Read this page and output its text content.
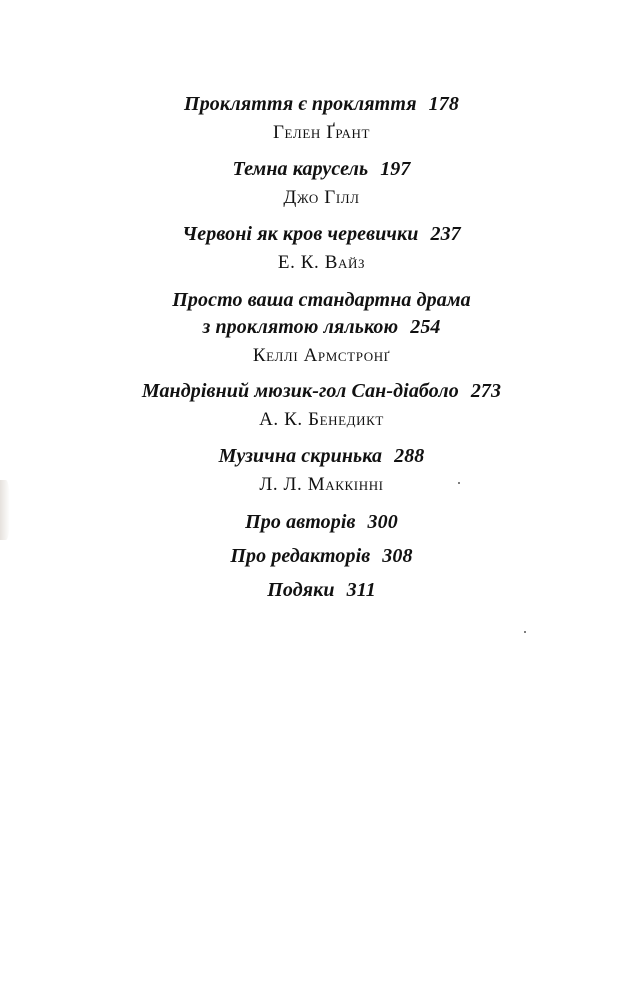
Прокляття є прокляття 178
Гелен Ґрант
Темна карусель 197
Джо Гілл
Червоні як кров черевички 237
Е. К. Вайз
Просто ваша стандартна драма
з проклятою лялькою 254
Келлі Армстронґ
Мандрівний мюзик-гол Сан-діаболо 273
А. К. Бенедикт
Музична скринька 288
Л. Л. Маккінні
Про авторів 300
Про редакторів 308
Подяки 311
